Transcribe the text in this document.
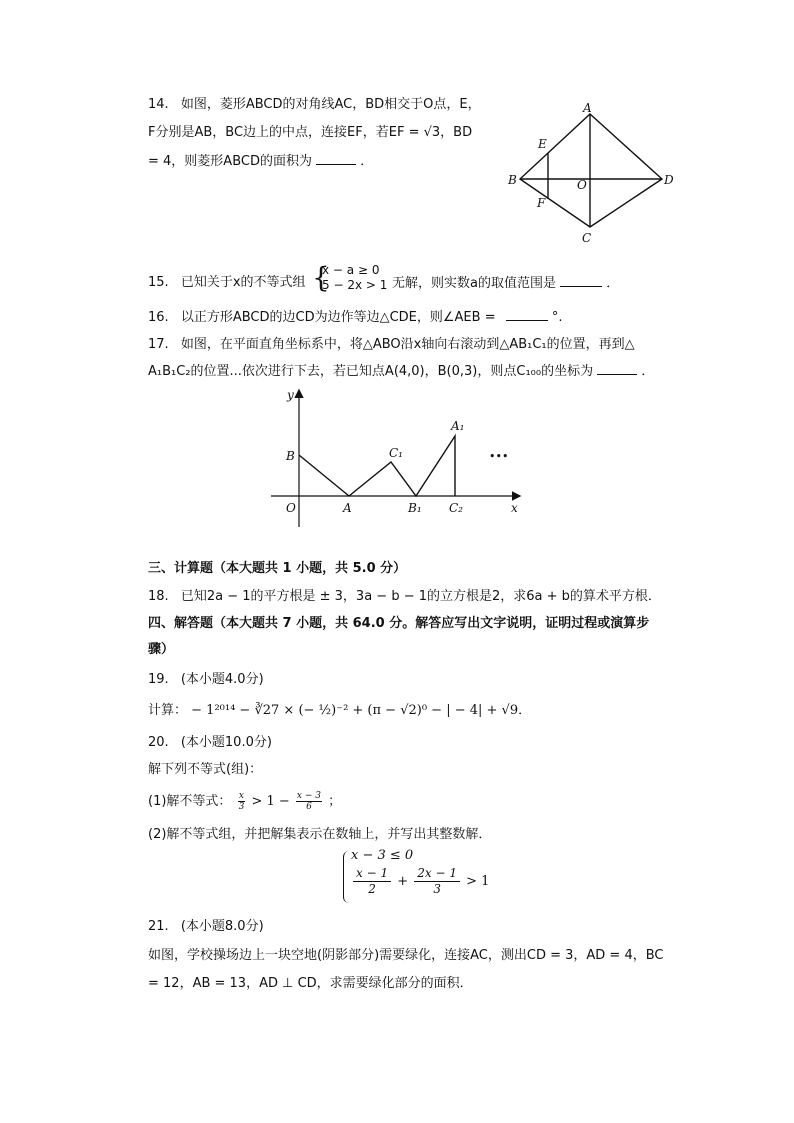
14. 如图，菱形ABCD的对角线AC，BD相交于O点，E，
F分别是AB，BC边上的中点，连接EF，若EF = √3，BD
= 4，则菱形ABCD的面积为	．
A
E
B	O	D
F
C
15. 已知关于x的不等式组 {
x − a ≥ 0
5 − 2x > 1 无解，则实数a的取值范围是	．
16. 以正方形ABCD的边CD为边作等边△CDE，则∠AEB =	°.
17. 如图，在平面直角坐标系中，将△ABO沿x轴向右滚动到△AB₁C₁的位置，再到△
A₁B₁C₂的位置...依次进行下去，若已知点A(4,0)，B(0,3)，则点C₁₀₀的坐标为	．
y
x
B
O	A
C₁
B₁
A₁
C₂
•••
三、计算题（本大题共 1 小题，共 5.0 分）
18. 已知2a − 1的平方根是 ± 3，3a − b − 1的立方根是2，求6a + b的算术平方根．
四、解答题（本大题共 7 小题，共 64.0 分。解答应写出文字说明，证明过程或演算步
骤）
19. (本小题4.0分)
计算： − 1²⁰¹⁴ − ∛27 × (− ½)⁻² + (π − √2)⁰ − | − 4| + √9．
20. (本小题10.0分)
解下列不等式(组)：
(1)解不等式： $\frac{x}{3} > 1 - \frac{x - 3}{6}$ ；
(2)解不等式组，并把解集表示在数轴上，并写出其整数解．
x − 3 ≤ 0
$\frac{x - 1}{2} + \frac{2x - 1}{3} > 1$
21. (本小题8.0分)
如图，学校操场边上一块空地(阴影部分)需要绿化，连接AC，测出CD = 3，AD = 4，BC
= 12，AB = 13，AD ⊥ CD，求需要绿化部分的面积．
